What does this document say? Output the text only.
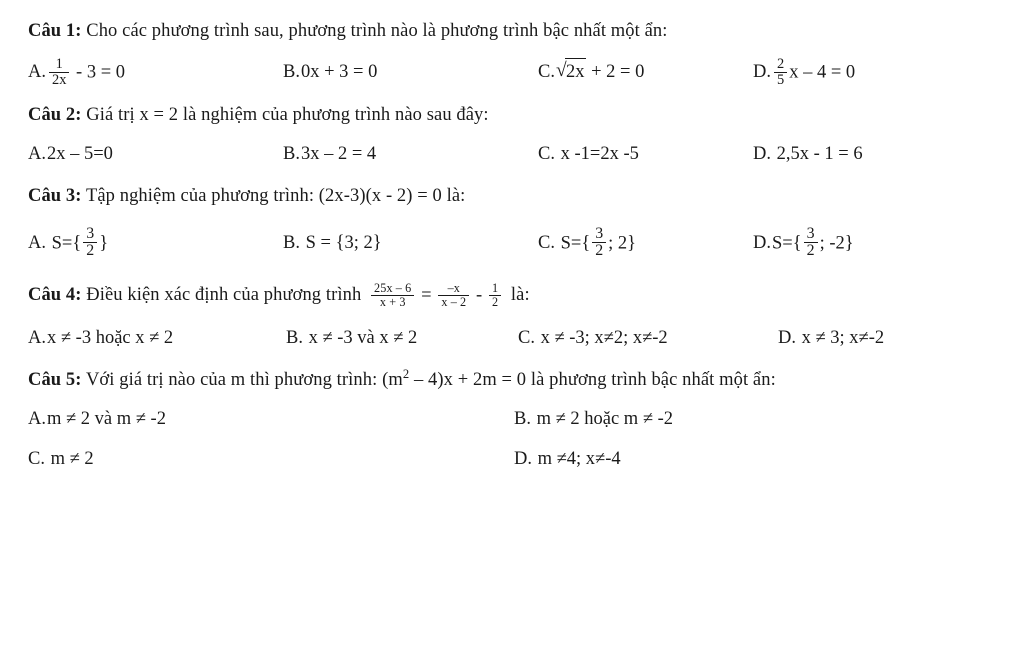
Câu 1: Cho các phương trình sau, phương trình nào là phương trình bậc nhất một ẩn:
A. $\frac{1}{2x} - 3 = 0$	B.0x + 3 = 0	C. √ 2x + 2 = 0	D. $\frac{2}{5}$ x – 4 = 0
Câu 2: Giá trị x = 2 là nghiệm của phương trình nào sau đây:
A.2x – 5=0	B.3x – 2 = 4	C. x -1=2x -5	D. 2,5x - 1 = 6
Câu 3: Tập nghiệm của phương trình: (2x-3)(x - 2) = 0 là:
A. $S=\{ \frac{3}{2}$ }	B. S = {3; 2}	C. $S=\{ \frac{3}{2}$ ; 2}	$D.S=\{ \frac{3}{2}$ ; -2}
Câu 4: Điều kiện xác định của phương trình $\frac{25x - 6}{x + 3} = \frac{-x}{x - 2} - \frac{1}{2}$ là:
A.x ≠ -3 hoặc x ≠ 2	B. x ≠ -3 và x ≠ 2	C. x ≠ -3; x≠2; x≠-2	D. x ≠ 3; x≠-2
Câu 5: Với giá trị nào của m thì phương trình: $(m^2 - 4)x + 2m = 0$ là phương trình bậc nhất một ẩn:
A.m ≠ 2 và m ≠ -2	B. m ≠ 2 hoặc m ≠ -2
C. m ≠ 2	D. m ≠4; x≠-4
